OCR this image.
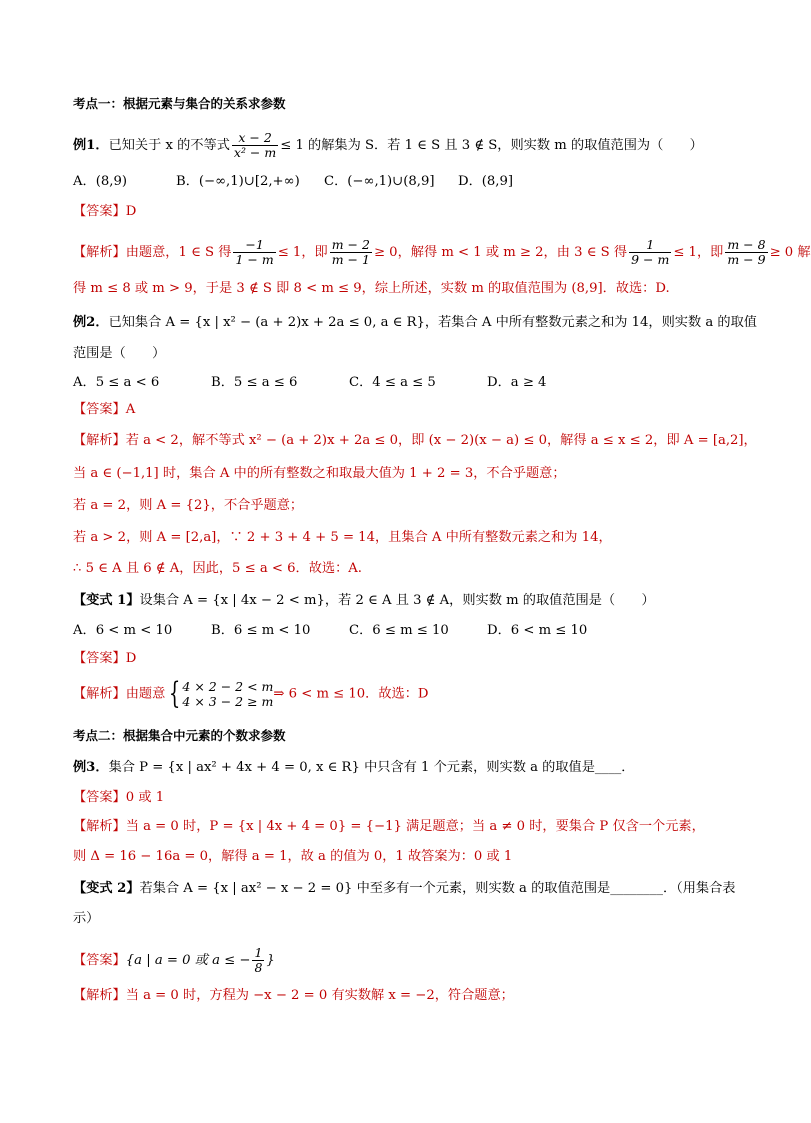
考点一：根据元素与集合的关系求参数
例1．已知关于 x 的不等式 $\frac{x - 2}{\text{x² − m}} \le 1$ 的解集为 S．若 1 ∈ S 且 3 ∉ S，则实数 m 的取值范围为（　　）
A．(8,9)	B．(−∞,1)∪[2,+∞) C．(−∞,1)∪(8,9] D．(8,9]
【答案】D
【解析】由题意，1 ∈ S 得 $\frac{-1}{1 - m} \le 1$，即 $\frac{m - 2}{m - 1} \ge 0$，解得 m < 1 或 m ≥ 2，由 3 ∈ S 得 $\frac{1}{9 - m} \le 1$，即 $\frac{m - 8}{m - 9} \ge 0$ 解
得 m ≤ 8 或 m > 9，于是 3 ∉ S 即 8 < m ≤ 9，综上所述，实数 m 的取值范围为 (8,9]．故选：D.
例2．已知集合 A = {x | x² − (a + 2)x + 2a ≤ 0, a ∈ R}，若集合 A 中所有整数元素之和为 14，则实数 a 的取值
范围是（　　）
A．5 ≤ a < 6	B．5 ≤ a ≤ 6	C．4 ≤ a ≤ 5	D．a ≥ 4
【答案】A
【解析】若 a < 2，解不等式 x² − (a + 2)x + 2a ≤ 0，即 (x − 2)(x − a) ≤ 0，解得 a ≤ x ≤ 2，即 A = [a,2]，
当 a ∈ (−1,1] 时，集合 A 中的所有整数之和取最大值为 1 + 2 = 3，不合乎题意；
若 a = 2，则 A = {2}，不合乎题意；
若 a > 2，则 A = [2,a]，∵ 2 + 3 + 4 + 5 = 14，且集合 A 中所有整数元素之和为 14，
∴ 5 ∈ A 且 6 ∉ A，因此，5 ≤ a < 6．故选：A.
【变式 1】设集合 A = {x | 4x − 2 < m}，若 2 ∈ A 且 3 ∉ A，则实数 m 的取值范围是（　　）
A．6 < m < 10	B．6 ≤ m < 10	C．6 ≤ m ≤ 10	D．6 < m ≤ 10
【答案】D
【解析】由题意 { 4 × 2 − 2 < m
4 × 3 − 2 ≥ m ⇒ 6 < m ≤ 10．故选：D
考点二：根据集合中元素的个数求参数
例3．集合 P = {x | ax² + 4x + 4 = 0, x ∈ R} 中只含有 1 个元素，则实数 a 的取值是____．
【答案】0 或 1
【解析】当 a = 0 时，P = {x | 4x + 4 = 0} = {−1} 满足题意；当 a ≠ 0 时，要集合 P 仅含一个元素，
则 Δ = 16 − 16a = 0，解得 a = 1，故 a 的值为 0，1 故答案为：0 或 1
【变式 2】若集合 A = {x | ax² − x − 2 = 0} 中至多有一个元素，则实数 a 的取值范围是________．（用集合表
示）
【答案】{a | a = 0 或 a ≤ − $\frac{1}{8}$ }
【解析】当 a = 0 时，方程为 −x − 2 = 0 有实数解 x = −2，符合题意；
